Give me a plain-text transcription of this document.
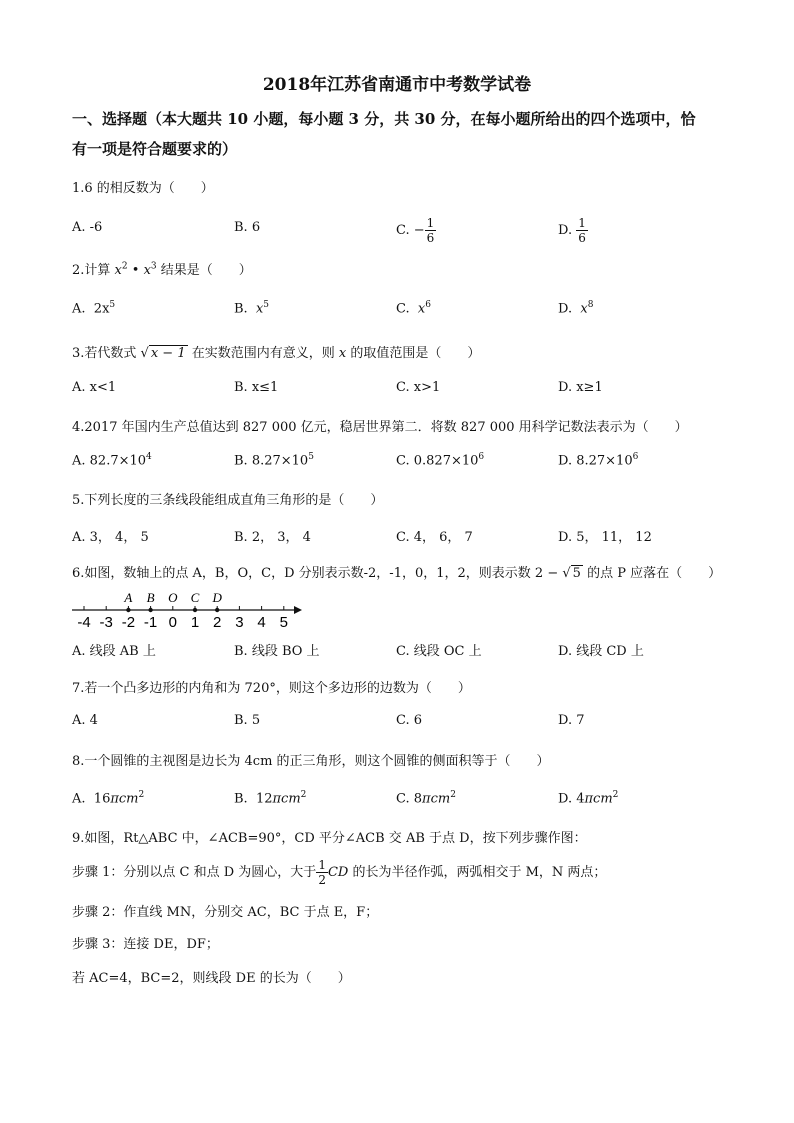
2018年江苏省南通市中考数学试卷
一、选择题（本大题共 10 小题，每小题 3 分，共 30 分，在每小题所给出的四个选项中，恰
有一项是符合题要求的）
1.6 的相反数为（　　）
A. -6	B. 6	C. − $\frac{1}{6}$	D. $\frac{1}{6}$
2.计算 $x^2$ • $x^3$ 结果是（　　）
A. $2x^5$	B. $x^5$	C. $x^6$	D. $x^8$
3.若代数式 √ x − 1 在实数范围内有意义，则 x 的取值范围是（　　）
A. x<1	B. x≤1	C. x>1	D. x≥1
4.2017 年国内生产总值达到 827 000 亿元，稳居世界第二．将数 827 000 用科学记数法表示为（　　）
A. $82.7\times 10^4$	B. $8.27\times 10^5$	C. $0.827\times 10^6$	D. $8.27\times 10^6$
5.下列长度的三条线段能组成直角三角形的是（　　）
A. 3， 4， 5	B. 2， 3， 4	C. 4， 6， 7	D. 5， 11， 12
6.如图，数轴上的点 A，B，O，C，D 分别表示数-2，-1，0，1，2，则表示数 2 − √ 5 的点 P 应落在（　　）
-4 -3 -2 -1 0 1 2 3 4 5
A B O C D
A. 线段 AB 上	B. 线段 BO 上	C. 线段 OC 上	D. 线段 CD 上
7.若一个凸多边形的内角和为 720°，则这个多边形的边数为（　　）
A. 4	B. 5	C. 6	D. 7
8.一个圆锥的主视图是边长为 4cm 的正三角形，则这个圆锥的侧面积等于（　　）
A. 16πcm$^2$	B. 12πcm$^2$	C. 8πcm$^2$	D. 4πcm$^2$
9.如图，Rt△ABC 中，∠ACB=90°，CD 平分∠ACB 交 AB 于点 D，按下列步骤作图：
步骤 1：分别以点 C 和点 D 为圆心，大于 $\frac{1}{2}$ CD 的长为半径作弧，两弧相交于 M，N 两点；
步骤 2：作直线 MN，分别交 AC，BC 于点 E，F；
步骤 3：连接 DE，DF；
若 AC=4，BC=2，则线段 DE 的长为（　　）
